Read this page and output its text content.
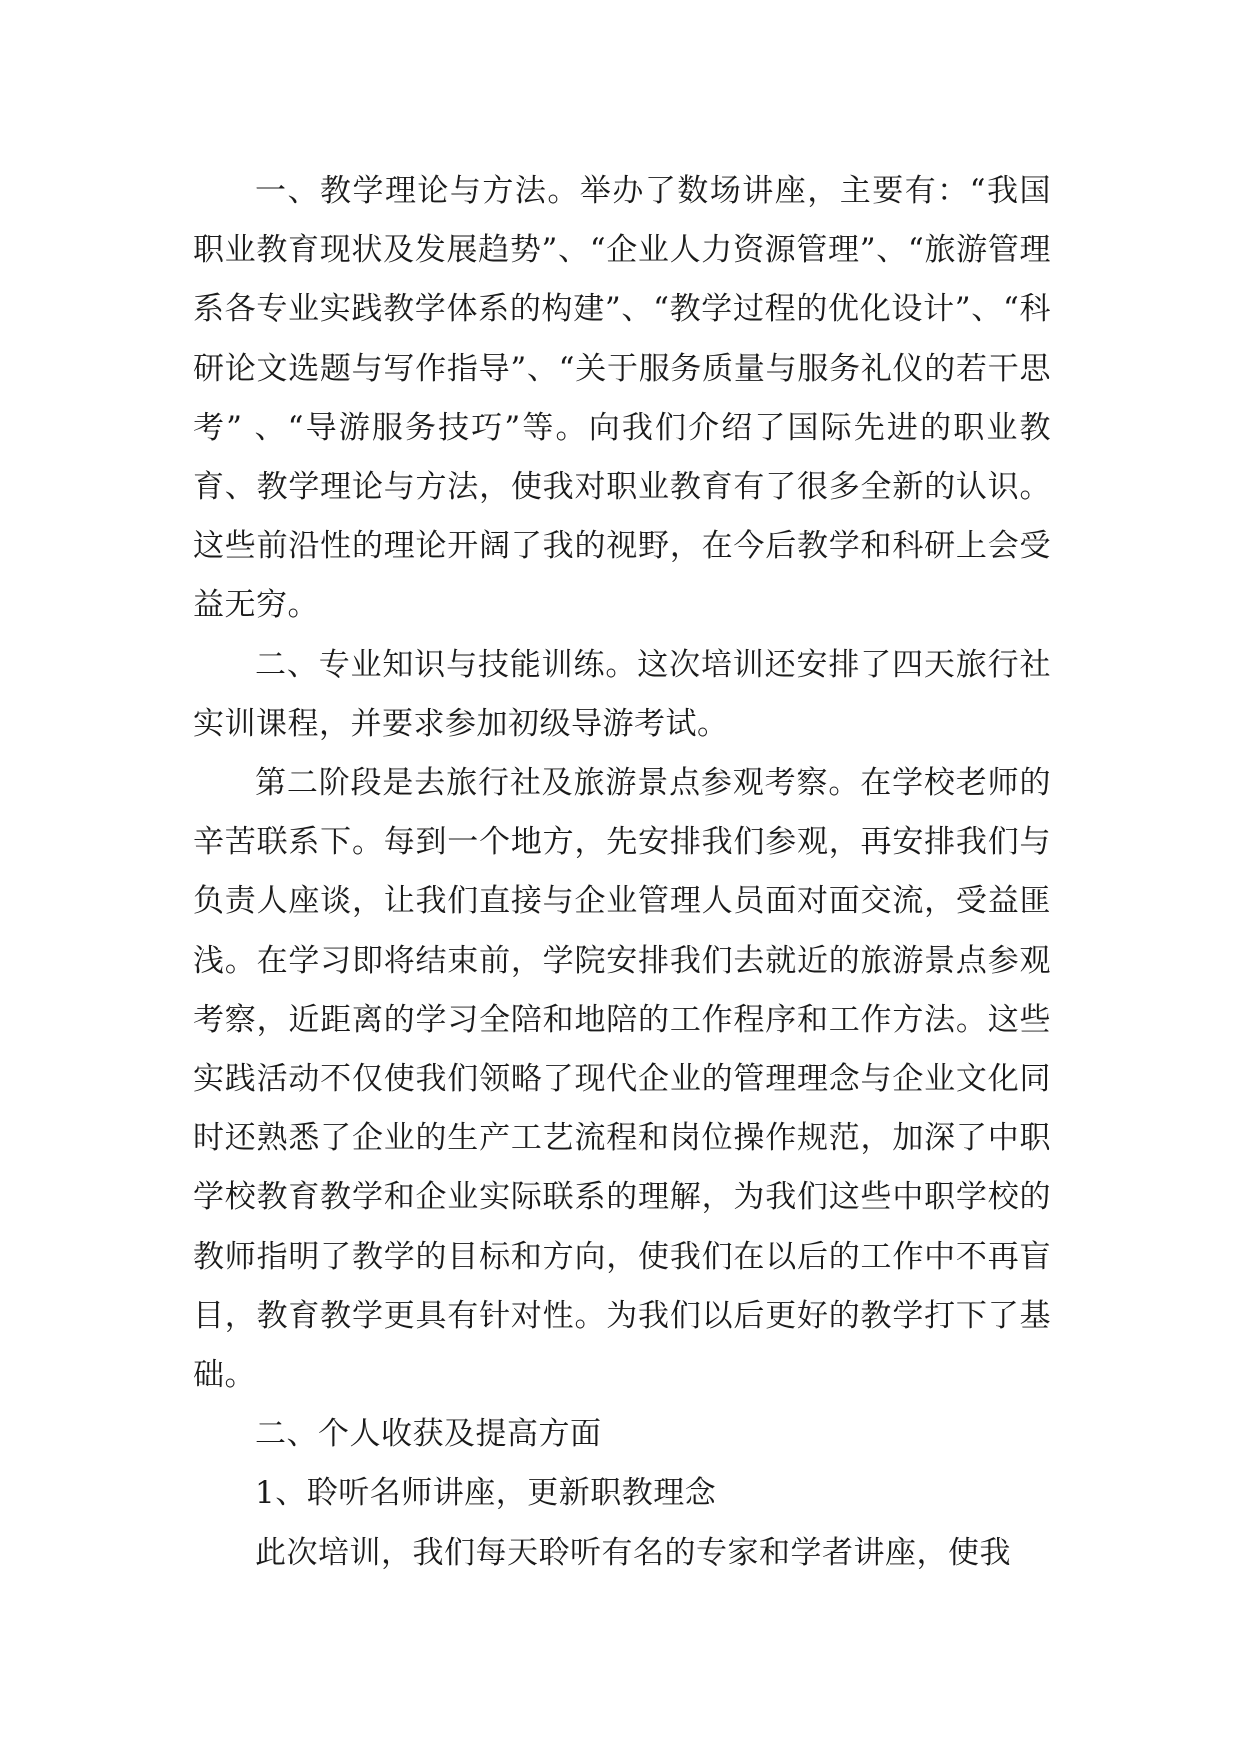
一、教学理论与方法。举办了数场讲座，主要有：“我国职业教育现状及发展趋势”、“企业人力资源管理”、“旅游管理系各专业实践教学体系的构建”、“教学过程的优化设计”、“科研论文选题与写作指导”、“关于服务质量与服务礼仪的若干思考” 、“导游服务技巧”等。向我们介绍了国际先进的职业教育、教学理论与方法，使我对职业教育有了很多全新的认识。这些前沿性的理论开阔了我的视野，在今后教学和科研上会受益无穷。

二、专业知识与技能训练。这次培训还安排了四天旅行社实训课程，并要求参加初级导游考试。

第二阶段是去旅行社及旅游景点参观考察。在学校老师的辛苦联系下。每到一个地方，先安排我们参观，再安排我们与负责人座谈，让我们直接与企业管理人员面对面交流，受益匪浅。在学习即将结束前，学院安排我们去就近的旅游景点参观考察，近距离的学习全陪和地陪的工作程序和工作方法。这些实践活动不仅使我们领略了现代企业的管理理念与企业文化同时还熟悉了企业的生产工艺流程和岗位操作规范，加深了中职学校教育教学和企业实际联系的理解，为我们这些中职学校的教师指明了教学的目标和方向，使我们在以后的工作中不再盲目，教育教学更具有针对性。为我们以后更好的教学打下了基础。

二、个人收获及提高方面

1、聆听名师讲座，更新职教理念

此次培训，我们每天聆听有名的专家和学者讲座，使我
